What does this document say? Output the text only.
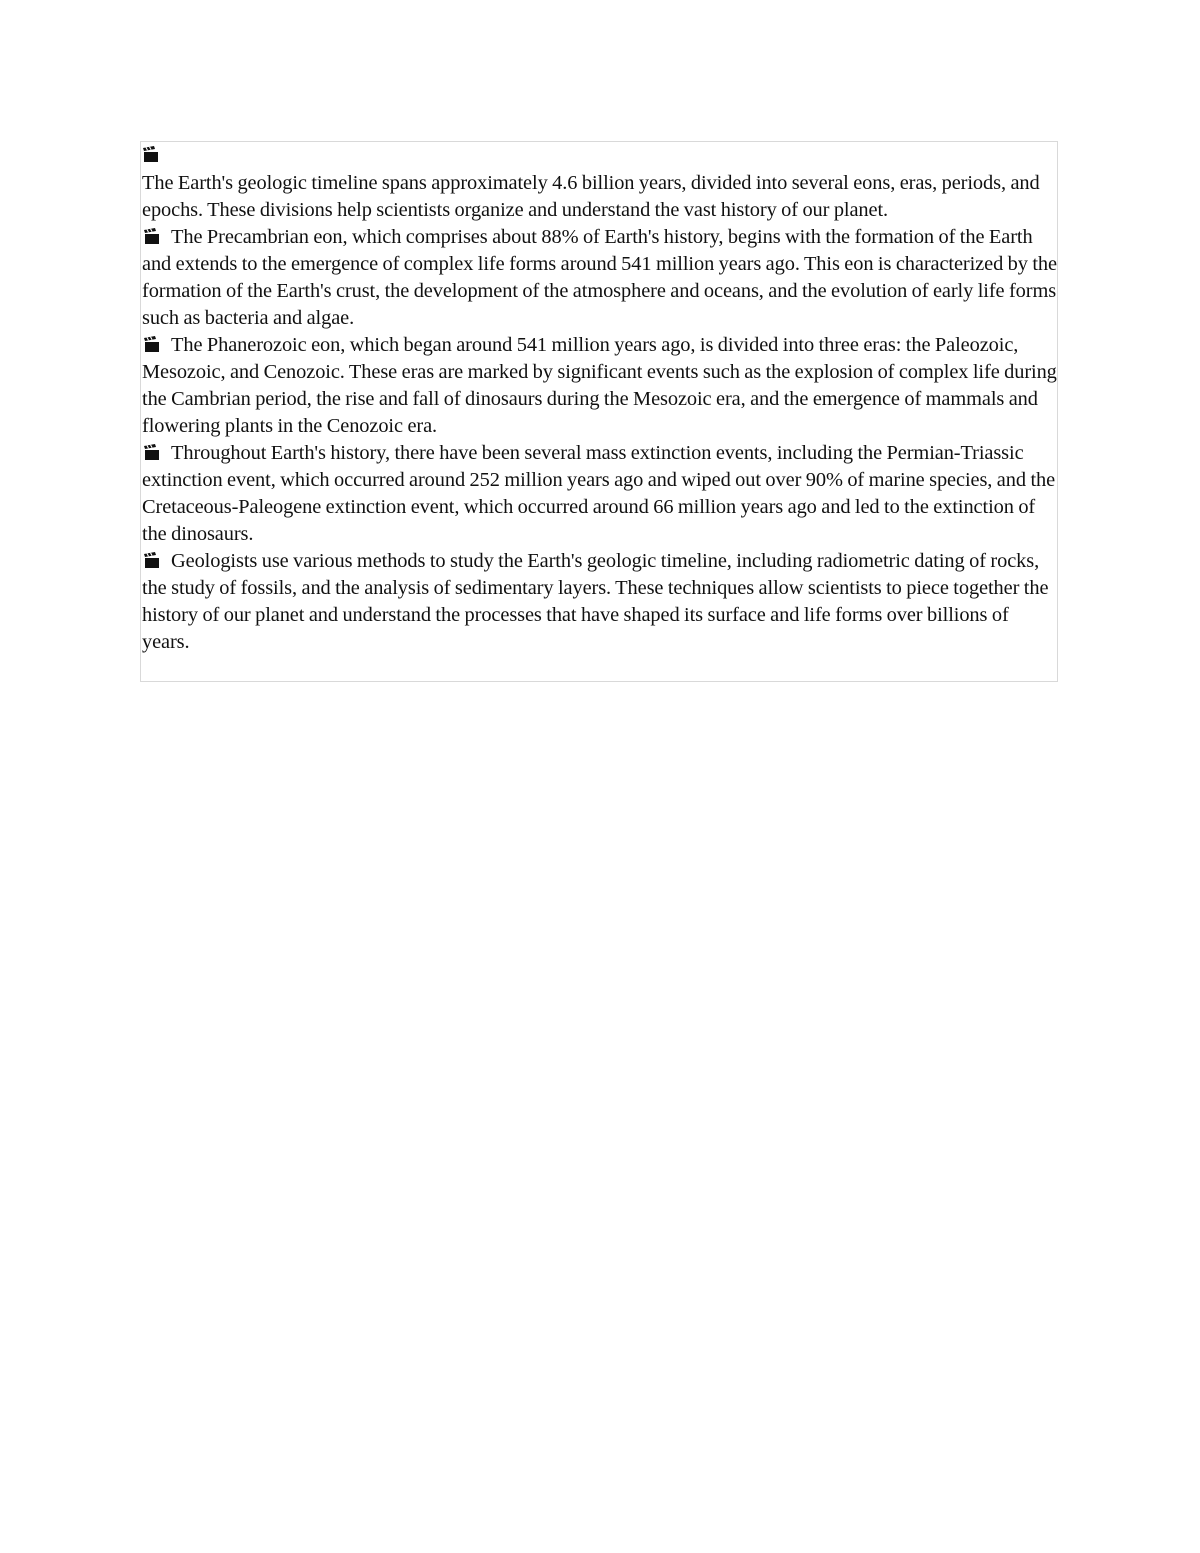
The Earth's geologic timeline spans approximately 4.6 billion years, divided into several eons, eras, periods, and epochs. These divisions help scientists organize and understand the vast history of our planet.

The Precambrian eon, which comprises about 88% of Earth's history, begins with the formation of the Earth and extends to the emergence of complex life forms around 541 million years ago. This eon is characterized by the formation of the Earth's crust, the development of the atmosphere and oceans, and the evolution of early life forms such as bacteria and algae.

The Phanerozoic eon, which began around 541 million years ago, is divided into three eras: the Paleozoic, Mesozoic, and Cenozoic. These eras are marked by significant events such as the explosion of complex life during the Cambrian period, the rise and fall of dinosaurs during the Mesozoic era, and the emergence of mammals and flowering plants in the Cenozoic era.

Throughout Earth's history, there have been several mass extinction events, including the Permian-Triassic extinction event, which occurred around 252 million years ago and wiped out over 90% of marine species, and the Cretaceous-Paleogene extinction event, which occurred around 66 million years ago and led to the extinction of the dinosaurs.

Geologists use various methods to study the Earth's geologic timeline, including radiometric dating of rocks, the study of fossils, and the analysis of sedimentary layers. These techniques allow scientists to piece together the history of our planet and understand the processes that have shaped its surface and life forms over billions of years.
